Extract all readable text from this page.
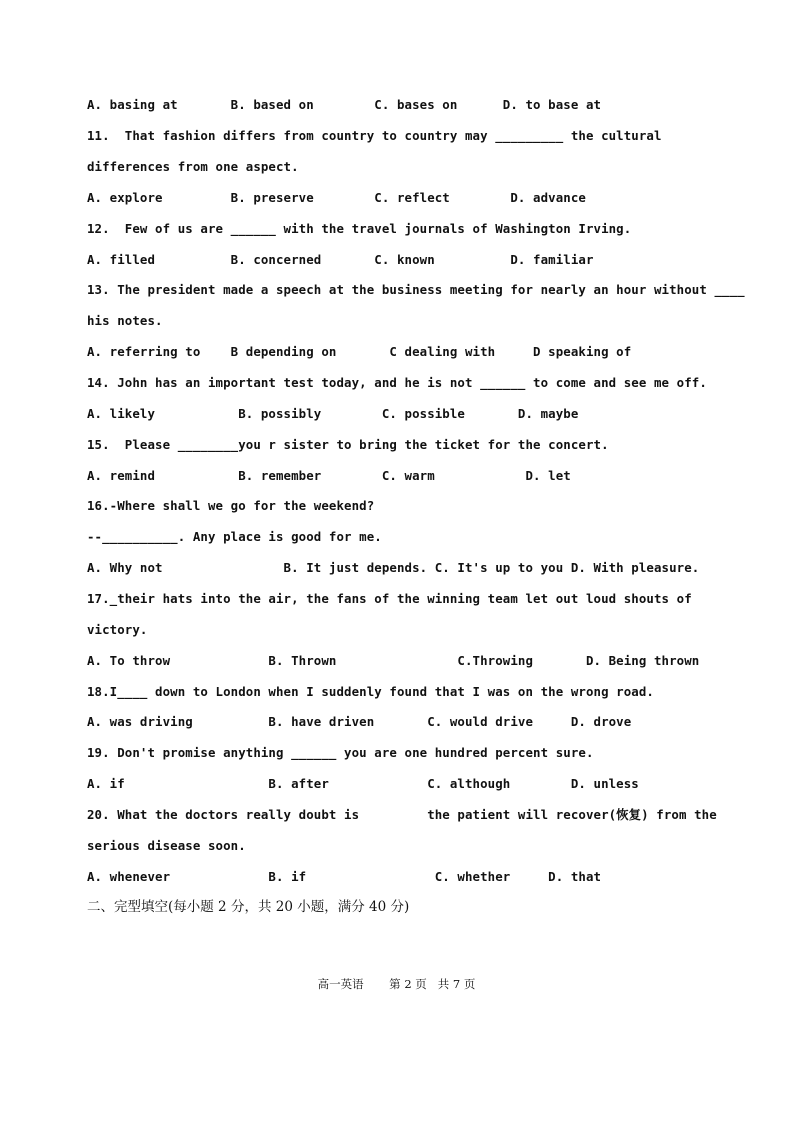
A. basing at       B. based on        C. bases on      D. to base at
11.  That fashion differs from country to country may _________ the cultural
differences from one aspect.
A. explore         B. preserve        C. reflect        D. advance
12.  Few of us are ______ with the travel journals of Washington Irving.
A. filled          B. concerned       C. known          D. familiar
13. The president made a speech at the business meeting for nearly an hour without ____
his notes.
A. referring to    B depending on       C dealing with     D speaking of
14. John has an important test today, and he is not ______ to come and see me off.
A. likely           B. possibly        C. possible       D. maybe
15.  Please ________you r sister to bring the ticket for the concert.
A. remind           B. remember        C. warm            D. let
16.-Where shall we go for the weekend?
--__________. Any place is good for me.
A. Why not                B. It just depends. C. It's up to you D. With pleasure.
17._their hats into the air, the fans of the winning team let out loud shouts of
victory.
A. To throw             B. Thrown                C.Throwing       D. Being thrown
18.I____ down to London when I suddenly found that I was on the wrong road.
A. was driving          B. have driven       C. would drive     D. drove
19. Don't promise anything ______ you are one hundred percent sure.
A. if                   B. after             C. although        D. unless
20. What the doctors really doubt is         the patient will recover(恢复) from the
serious disease soon.
A. whenever             B. if                 C. whether     D. that
二、完型填空(每小题 2 分，共 20 小题，满分 40 分)
高一英语       第 2 页   共 7 页
